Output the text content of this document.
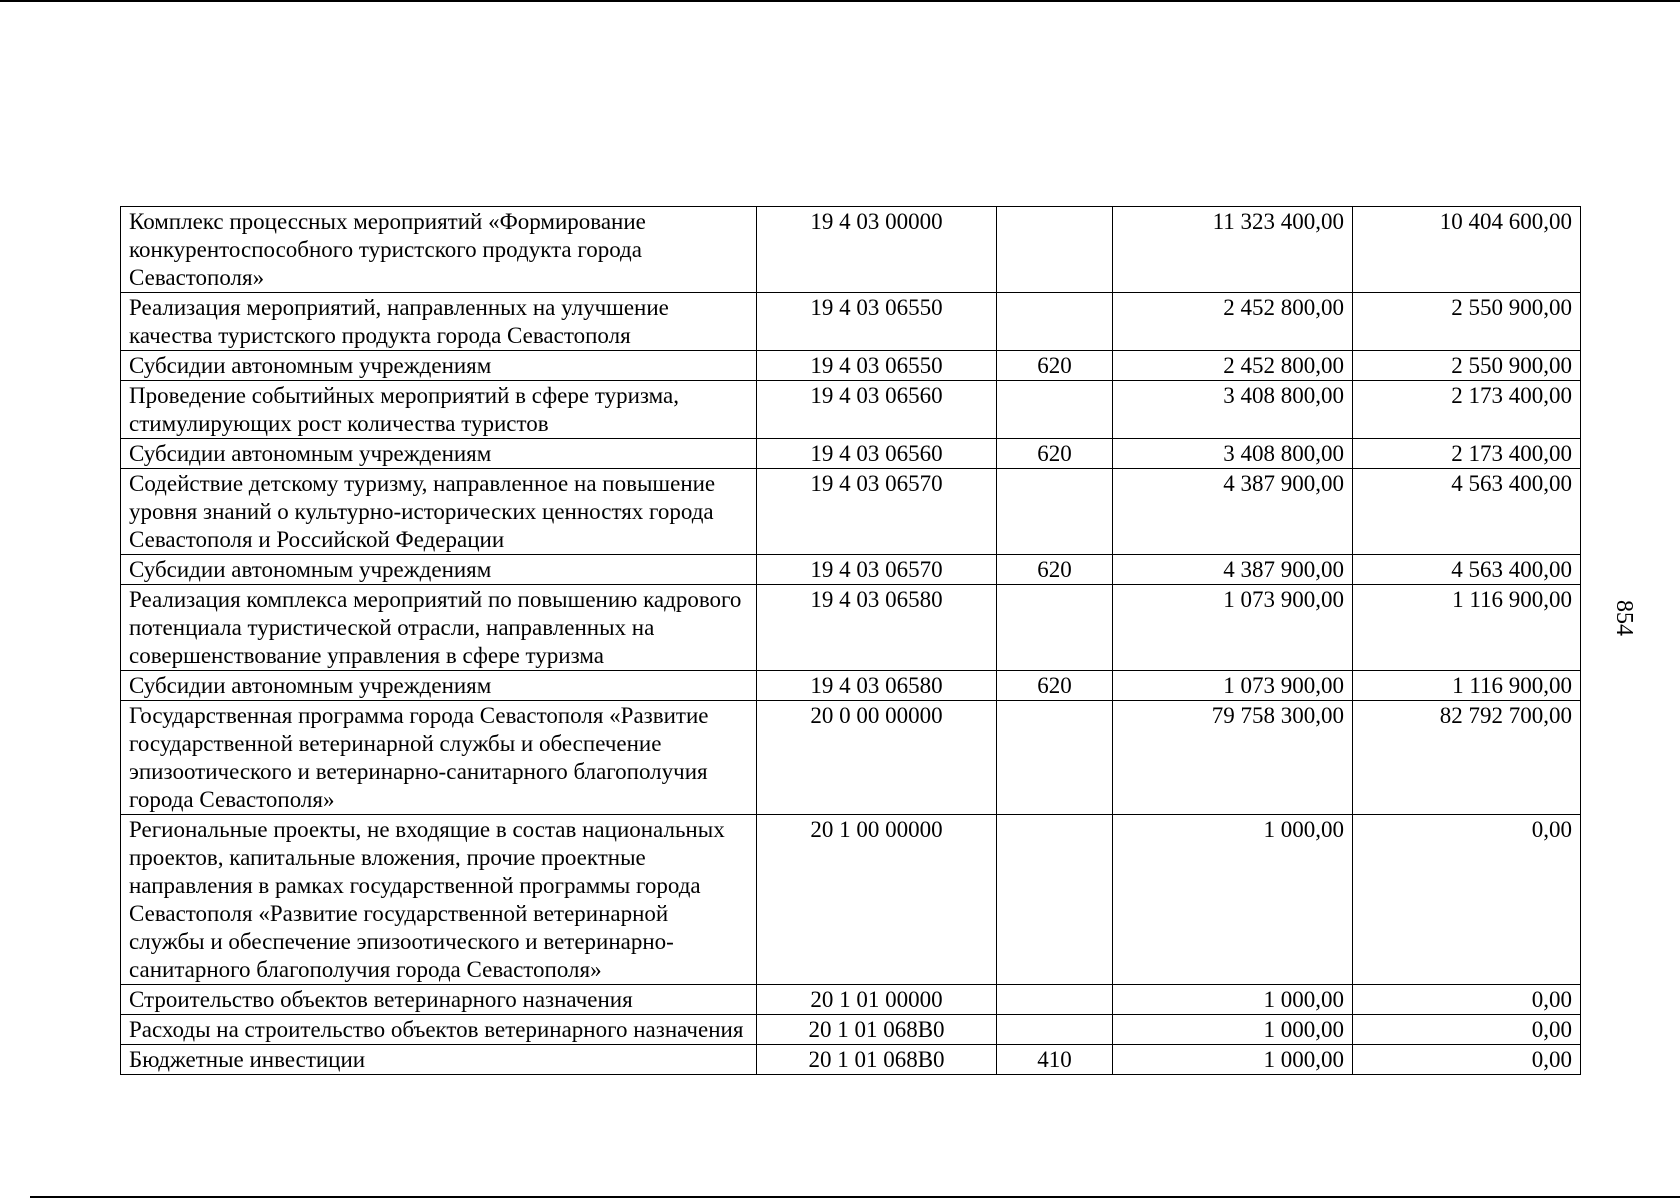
Комплекс процессных мероприятий «Формирование конкурентоспособного туристского продукта города Севастополя»	19 4 03 00000		11 323 400,00	10 404 600,00
Реализация мероприятий, направленных на улучшение качества туристского продукта города Севастополя	19 4 03 06550		2 452 800,00	2 550 900,00
Субсидии автономным учреждениям	19 4 03 06550	620	2 452 800,00	2 550 900,00
Проведение событийных мероприятий в сфере туризма, стимулирующих рост количества туристов	19 4 03 06560		3 408 800,00	2 173 400,00
Субсидии автономным учреждениям	19 4 03 06560	620	3 408 800,00	2 173 400,00
Содействие детскому туризму, направленное на повышение уровня знаний о культурно-исторических ценностях города Севастополя и Российской Федерации	19 4 03 06570		4 387 900,00	4 563 400,00
Субсидии автономным учреждениям	19 4 03 06570	620	4 387 900,00	4 563 400,00
Реализация комплекса мероприятий по повышению кадрового потенциала туристической отрасли, направленных на совершенствование управления в сфере туризма	19 4 03 06580		1 073 900,00	1 116 900,00
Субсидии автономным учреждениям	19 4 03 06580	620	1 073 900,00	1 116 900,00
Государственная программа города Севастополя «Развитие государственной ветеринарной службы и обеспечение эпизоотического и ветеринарно-санитарного благополучия города Севастополя»	20 0 00 00000		79 758 300,00	82 792 700,00
Региональные проекты, не входящие в состав национальных проектов, капитальные вложения, прочие проектные направления в рамках государственной программы города Севастополя «Развитие государственной ветеринарной службы и обеспечение эпизоотического и ветеринарно-санитарного благополучия города Севастополя»	20 1 00 00000		1 000,00	0,00
Строительство объектов ветеринарного назначения	20 1 01 00000		1 000,00	0,00
Расходы на строительство объектов ветеринарного назначения	20 1 01 068В0		1 000,00	0,00
Бюджетные инвестиции	20 1 01 068В0	410	1 000,00	0,00
854
